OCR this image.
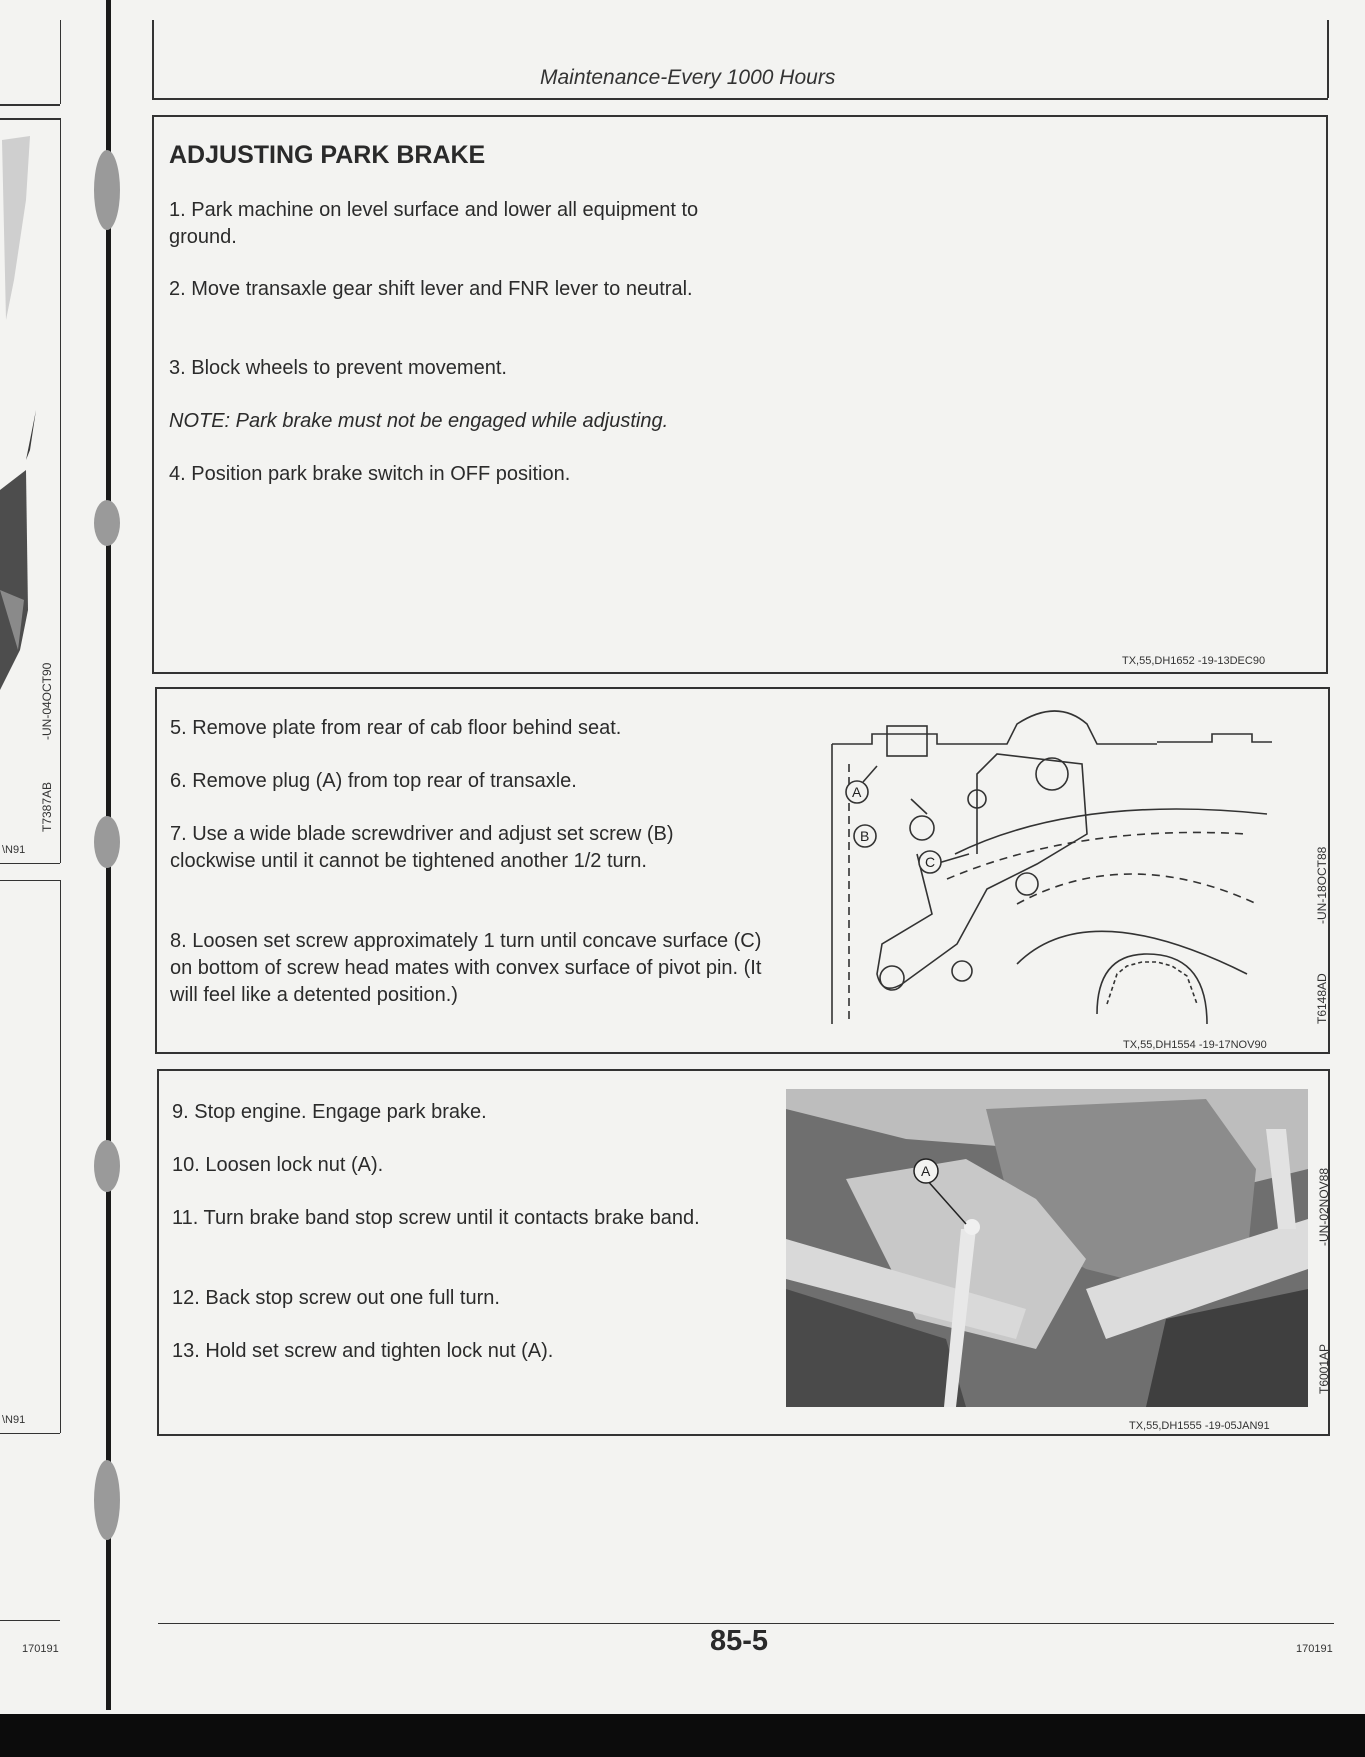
-UN-04OCT90
T7387AB
\N91
\N91
Maintenance-Every 1000 Hours
ADJUSTING PARK BRAKE
1. Park machine on level surface and lower all equipment to ground.
2. Move transaxle gear shift lever and FNR lever to neutral.
3. Block wheels to prevent movement.
NOTE: Park brake must not be engaged while adjusting.
4. Position park brake switch in OFF position.
TX,55,DH1652 -19-13DEC90
5. Remove plate from rear of cab floor behind seat.
6. Remove plug (A) from top rear of transaxle.
7. Use a wide blade screwdriver and adjust set screw (B) clockwise until it cannot be tightened another 1/2 turn.
8. Loosen set screw approximately 1 turn until concave surface (C) on bottom of screw head mates with convex surface of pivot pin. (It will feel like a detented position.)
A
B
C	-UN-18OCT88
T6148AD
TX,55,DH1554 -19-17NOV90
9. Stop engine. Engage park brake.
10. Loosen lock nut (A).
11. Turn brake band stop screw until it contacts brake band.
12. Back stop screw out one full turn.
13. Hold set screw and tighten lock nut (A).
A	-UN-02NOV88
T6001AP
TX,55,DH1555 -19-05JAN91
85-5
170191	170191
